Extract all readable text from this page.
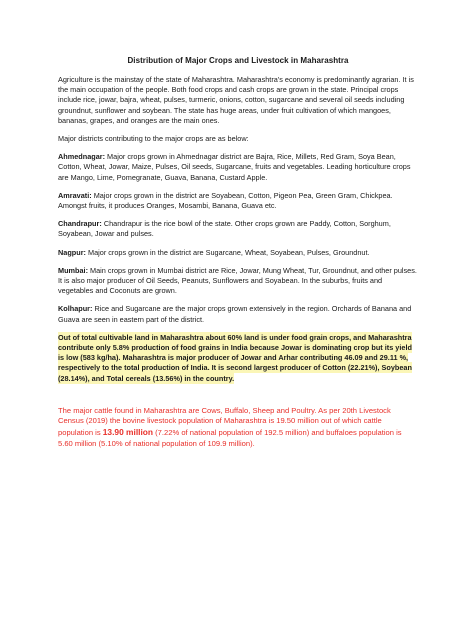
Distribution of Major Crops and Livestock in Maharashtra

Agriculture is the mainstay of the state of Maharashtra. Maharashtra's economy is predominantly agrarian. It is the main occupation of the people. Both food crops and cash crops are grown in the state. Principal crops include rice, jowar, bajra, wheat, pulses, turmeric, onions, cotton, sugarcane and several oil seeds including groundnut, sunflower and soybean. The state has huge areas, under fruit cultivation of which mangoes, bananas, grapes, and oranges are the main ones.

Major districts contributing to the major crops are as below:

Ahmednagar: Major crops grown in Ahmednagar district are Bajra, Rice, Millets, Red Gram, Soya Bean, Cotton, Wheat, Jowar, Maize, Pulses, Oil seeds, Sugarcane, fruits and vegetables. Leading horticulture crops are Mango, Lime, Pomegranate, Guava, Banana, Custard Apple.

Amravati: Major crops grown in the district are Soyabean, Cotton, Pigeon Pea, Green Gram, Chickpea. Amongst fruits, it produces Oranges, Mosambi, Banana, Guava etc.

Chandrapur: Chandrapur is the rice bowl of the state. Other crops grown are Paddy, Cotton, Sorghum, Soyabean, Jowar and pulses.

Nagpur: Major crops grown in the district are Sugarcane, Wheat, Soyabean, Pulses, Groundnut.

Mumbai: Main crops grown in Mumbai district are Rice, Jowar, Mung Wheat, Tur, Groundnut, and other pulses. It is also major producer of Oil Seeds, Peanuts, Sunflowers and Soyabean. In the suburbs, fruits and vegetables and Coconuts are grown.

Kolhapur: Rice and Sugarcane are the major crops grown extensively in the region. Orchards of Banana and Guava are seen in eastern part of the district.

Out of total cultivable land in Maharashtra about 60% land is under food grain crops, and Maharashtra contribute only 5.8% production of food grains in India because Jowar is dominating crop but its yield is low (583 kg/ha). Maharashtra is major producer of Jowar and Arhar contributing 46.09 and 29.11 %, respectively to the total production of India. It is second largest producer of Cotton (22.21%), Soybean (28.14%), and Total cereals (13.56%) in the country.

The major cattle found in Maharashtra are Cows, Buffalo, Sheep and Poultry. As per 20th Livestock Census (2019) the bovine livestock population of Maharashtra is 19.50 million out of which cattle population is 13.90 million (7.22% of national population of 192.5 million) and buffaloes population is 5.60 million (5.10% of national population of 109.9 million).
